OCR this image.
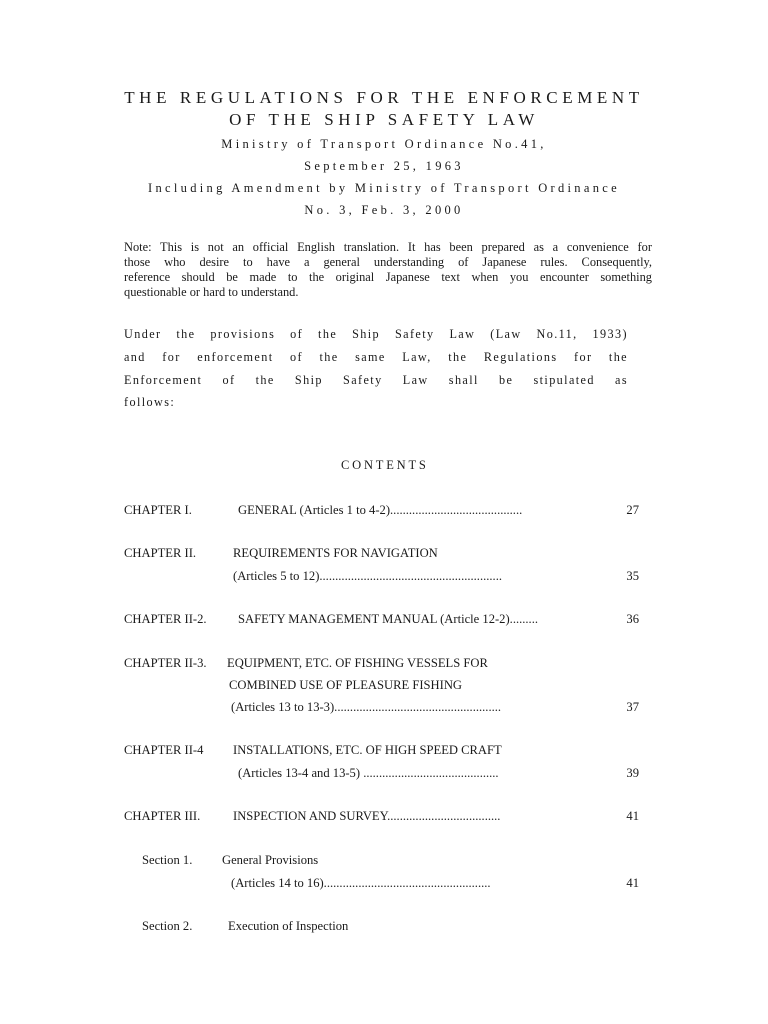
THE REGULATIONS FOR THE ENFORCEMENT
OF THE SHIP SAFETY LAW
Ministry of Transport Ordinance No.41,
September 25, 1963
Including Amendment by Ministry of Transport Ordinance
No. 3, Feb. 3, 2000
Note: This is not an official English translation. It has been prepared as a convenience for
those who desire to have a general understanding of Japanese rules. Consequently,
reference should be made to the original Japanese text when you encounter something
questionable or hard to understand.
Under the provisions of the Ship Safety Law (Law No.11, 1933)
and for enforcement of the same Law, the Regulations for the
Enforcement of the Ship Safety Law shall be stipulated as
follows:
CONTENTS
CHAPTER I.	GENERAL (Articles 1 to 4-2)..........................................	27
CHAPTER II.	REQUIREMENTS FOR NAVIGATION
(Articles 5 to 12)..........................................................	35
CHAPTER II-2. SAFETY MANAGEMENT MANUAL (Article 12-2).........	36
CHAPTER II-3. EQUIPMENT, ETC. OF FISHING VESSELS FOR
COMBINED USE OF PLEASURE FISHING
(Articles 13 to 13-3).....................................................	37
CHAPTER II-4 INSTALLATIONS, ETC. OF HIGH SPEED CRAFT
(Articles 13-4 and 13-5) ...........................................	39
CHAPTER III.	INSPECTION AND SURVEY....................................	41
Section 1. General Provisions
(Articles 14 to 16).....................................................	41
Section 2.	Execution of Inspection
